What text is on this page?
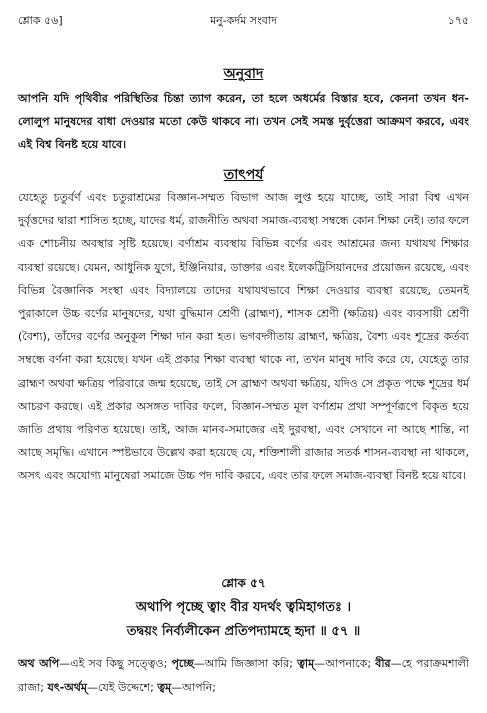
শ্লোক ৫৬]	মনু-কর্দম সংবাদ	১৭৫
অনুবাদ

আপনি যদি পৃথিবীর পরিস্থিতির চিন্তা ত্যাগ করেন, তা হলে অধর্মের বিস্তার হবে, কেননা তখন ধন-লোলুপ মানুষদের বাধা দেওয়ার মতো কেউ থাকবে না। তখন সেই সমস্ত দুর্বৃত্তেরা আক্রমণ করবে, এবং এই বিশ্ব বিনষ্ট হয়ে যাবে।

তাৎপর্য

যেহেতু চতুর্বর্ণ এবং চতুরাশ্রমের বিজ্ঞান-সম্মত বিভাগ আজ লুপ্ত হয়ে যাচ্ছে, তাই সারা বিশ্ব এখন দুর্বৃত্তদের দ্বারা শাসিত হচ্ছে, যাদের ধর্ম, রাজনীতি অথবা সমাজ-ব্যবস্থা সম্বন্ধে কোন শিক্ষা নেই। তার ফলে এক শোচনীয় অবস্থার সৃষ্টি হয়েছে। বর্ণাশ্রম ব্যবস্থায় বিভিন্ন বর্ণের এবং আশ্রমের জন্য যথাযথ শিক্ষার ব্যবস্থা রয়েছে। যেমন, আধুনিক যুগে, ইঞ্জিনিয়ার, ডাক্তার এবং ইলেকট্রিসিয়ানদের প্রয়োজন রয়েছে, এবং বিভিন্ন বৈজ্ঞানিক সংস্থা এবং বিদ্যালয়ে তাদের যথাযথভাবে শিক্ষা দেওয়ার ব্যবস্থা রয়েছে, তেমনই পুরাকালে উচ্চ বর্ণের মানুষদের, যথা বুদ্ধিমান শ্রেণী (ব্রাহ্মণ), শাসক শ্রেণী (ক্ষত্রিয়) এবং ব্যবসায়ী শ্রেণী (বৈশ্য), তাঁদের বর্ণের অনুকূল শিক্ষা দান করা হত। ভগবদ্গীতায় ব্রাহ্মণ, ক্ষত্রিয়, বৈশ্য এবং শূদ্রের কর্তব্য সম্বন্ধে বর্ণনা করা হয়েছে। যখন এই প্রকার শিক্ষা ব্যবস্থা থাকে না, তখন মানুষ দাবি করে যে, যেহেতু তার ব্রাহ্মণ অথবা ক্ষত্রিয় পরিবারে জন্ম হয়েছে, তাই সে ব্রাহ্মণ অথবা ক্ষত্রিয়, যদিও সে প্রকৃত পক্ষে শূদ্রের ধর্ম আচরণ করছে। এই প্রকার অসঙ্গত দাবির ফলে, বিজ্ঞান-সম্মত মূল বর্ণাশ্রম প্রথা সম্পূর্ণরূপে বিকৃত হয়ে জাতি প্রথায় পরিণত হয়েছে। তাই, আজ মানব-সমাজের এই দুরবস্থা, এবং সেখানে না আছে শান্তি, না আছে সমৃদ্ধি। এখানে স্পষ্টভাবে উল্লেখ করা হয়েছে যে, শক্তিশালী রাজার সতর্ক শাসন-ব্যবস্থা না থাকলে, অসৎ এবং অযোগ্য মানুষেরা সমাজে উচ্চ পদ দাবি করবে, এবং তার ফলে সমাজ-ব্যবস্থা বিনষ্ট হয়ে যাবে।

শ্লোক ৫৭
অথাপি পৃচ্ছে ত্বাং বীর যদর্থং ত্বমিহাগতঃ ।
তদ্বয়ং নির্ব্যলীকেন প্রতিপদ্যামহে হৃদা ॥ ৫৭ ॥

অথ অপি—এই সব কিছু সত্ত্বেও; পৃচ্ছে—আমি জিজ্ঞাসা করি; ত্বাম্—আপনাকে; বীর—হে পরাক্রমশালী রাজা; যৎ-অর্থম্—যেই উদ্দেশে; ত্বম্—আপনি;
